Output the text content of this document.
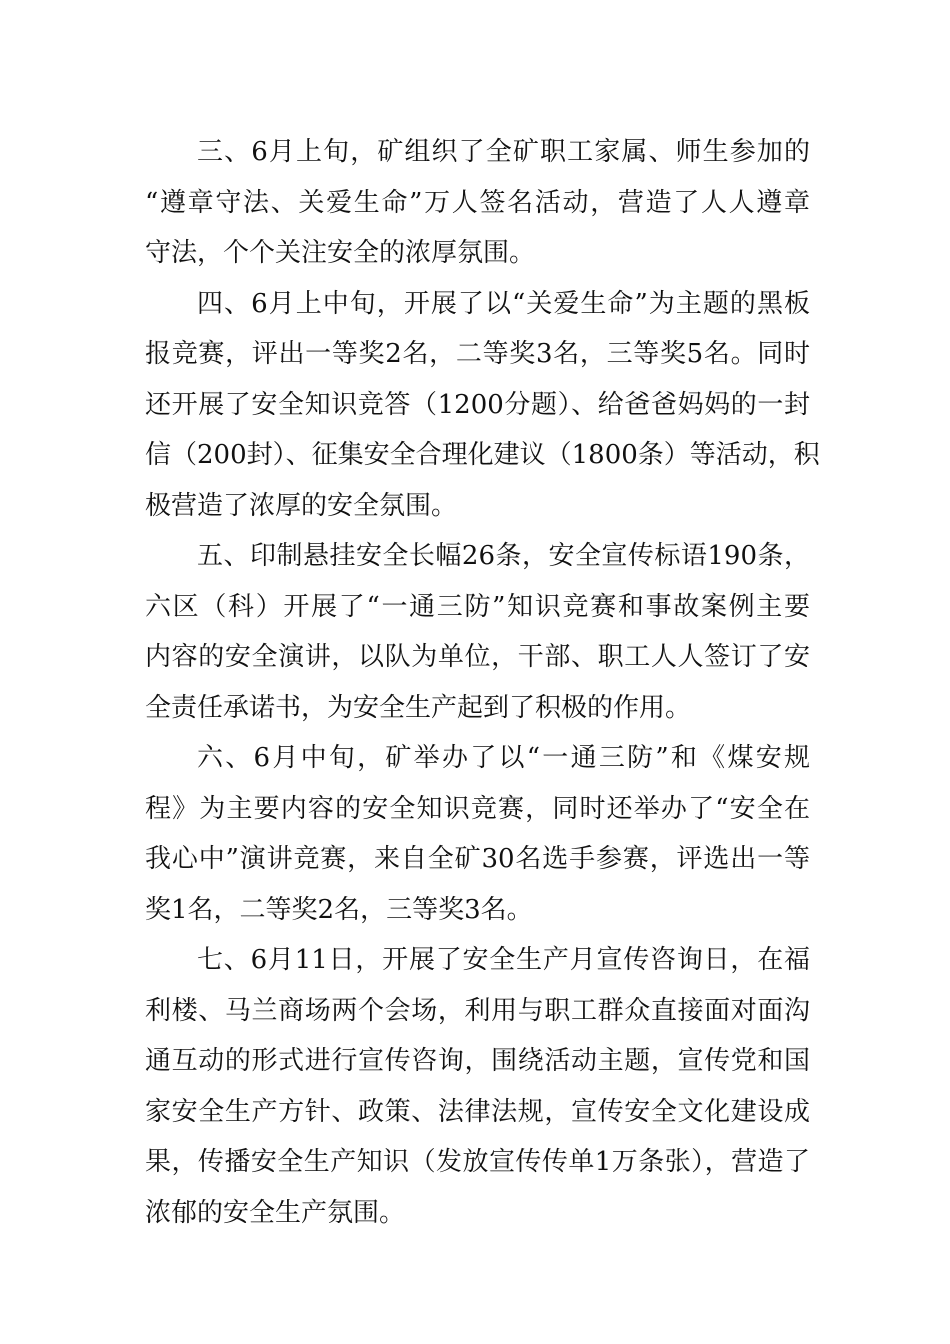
三、6月上旬，矿组织了全矿职工家属、师生参加的
“遵章守法、关爱生命”万人签名活动，营造了人人遵章
守法，个个关注安全的浓厚氛围。

四、6月上中旬，开展了以“关爱生命”为主题的黑板
报竞赛，评出一等奖2名，二等奖3名，三等奖5名。同时
还开展了安全知识竞答（1200分题）、给爸爸妈妈的一封
信（200封）、征集安全合理化建议（1800条）等活动，积
极营造了浓厚的安全氛围。

五、印制悬挂安全长幅26条，安全宣传标语190条，
六区（科）开展了“一通三防”知识竞赛和事故案例主要
内容的安全演讲，以队为单位，干部、职工人人签订了安
全责任承诺书，为安全生产起到了积极的作用。

六、6月中旬，矿举办了以“一通三防”和《煤安规
程》为主要内容的安全知识竞赛，同时还举办了“安全在
我心中”演讲竞赛，来自全矿30名选手参赛，评选出一等
奖1名，二等奖2名，三等奖3名。

七、6月11日，开展了安全生产月宣传咨询日，在福
利楼、马兰商场两个会场，利用与职工群众直接面对面沟
通互动的形式进行宣传咨询，围绕活动主题，宣传党和国
家安全生产方针、政策、法律法规，宣传安全文化建设成
果，传播安全生产知识（发放宣传传单1万条张），营造了
浓郁的安全生产氛围。
